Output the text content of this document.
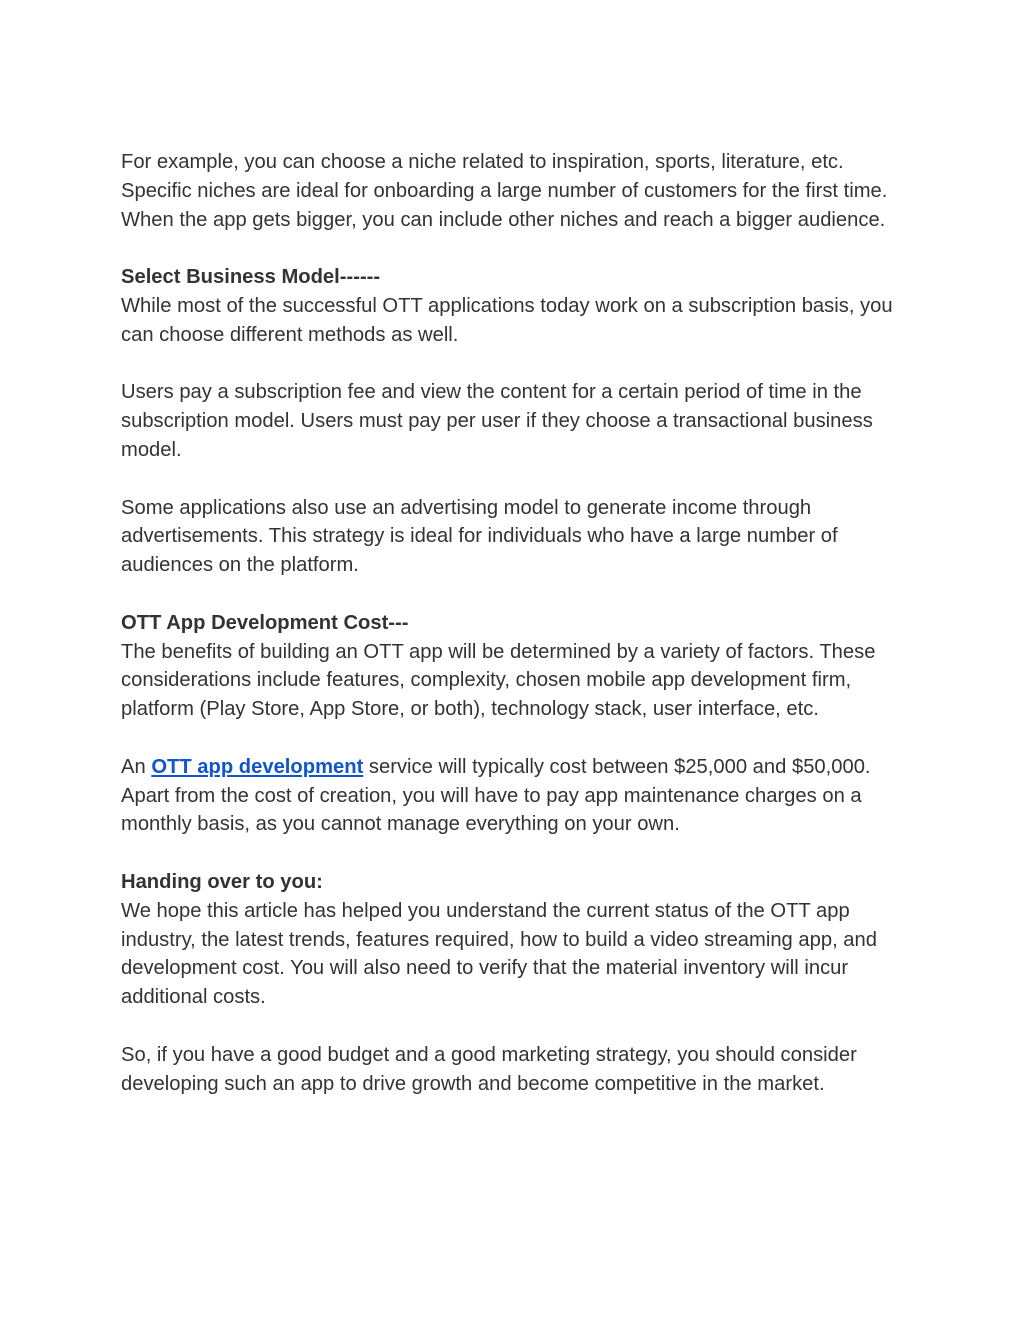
For example, you can choose a niche related to inspiration, sports, literature, etc. Specific niches are ideal for onboarding a large number of customers for the first time. When the app gets bigger, you can include other niches and reach a bigger audience.

Select Business Model------

While most of the successful OTT applications today work on a subscription basis, you can choose different methods as well.

Users pay a subscription fee and view the content for a certain period of time in the subscription model. Users must pay per user if they choose a transactional business model.

Some applications also use an advertising model to generate income through advertisements. This strategy is ideal for individuals who have a large number of audiences on the platform.

OTT App Development Cost---

The benefits of building an OTT app will be determined by a variety of factors. These considerations include features, complexity, chosen mobile app development firm, platform (Play Store, App Store, or both), technology stack, user interface, etc.

An OTT app development service will typically cost between $25,000 and $50,000. Apart from the cost of creation, you will have to pay app maintenance charges on a monthly basis, as you cannot manage everything on your own.

Handing over to you:

We hope this article has helped you understand the current status of the OTT app industry, the latest trends, features required, how to build a video streaming app, and development cost. You will also need to verify that the material inventory will incur additional costs.

So, if you have a good budget and a good marketing strategy, you should consider developing such an app to drive growth and become competitive in the market.
